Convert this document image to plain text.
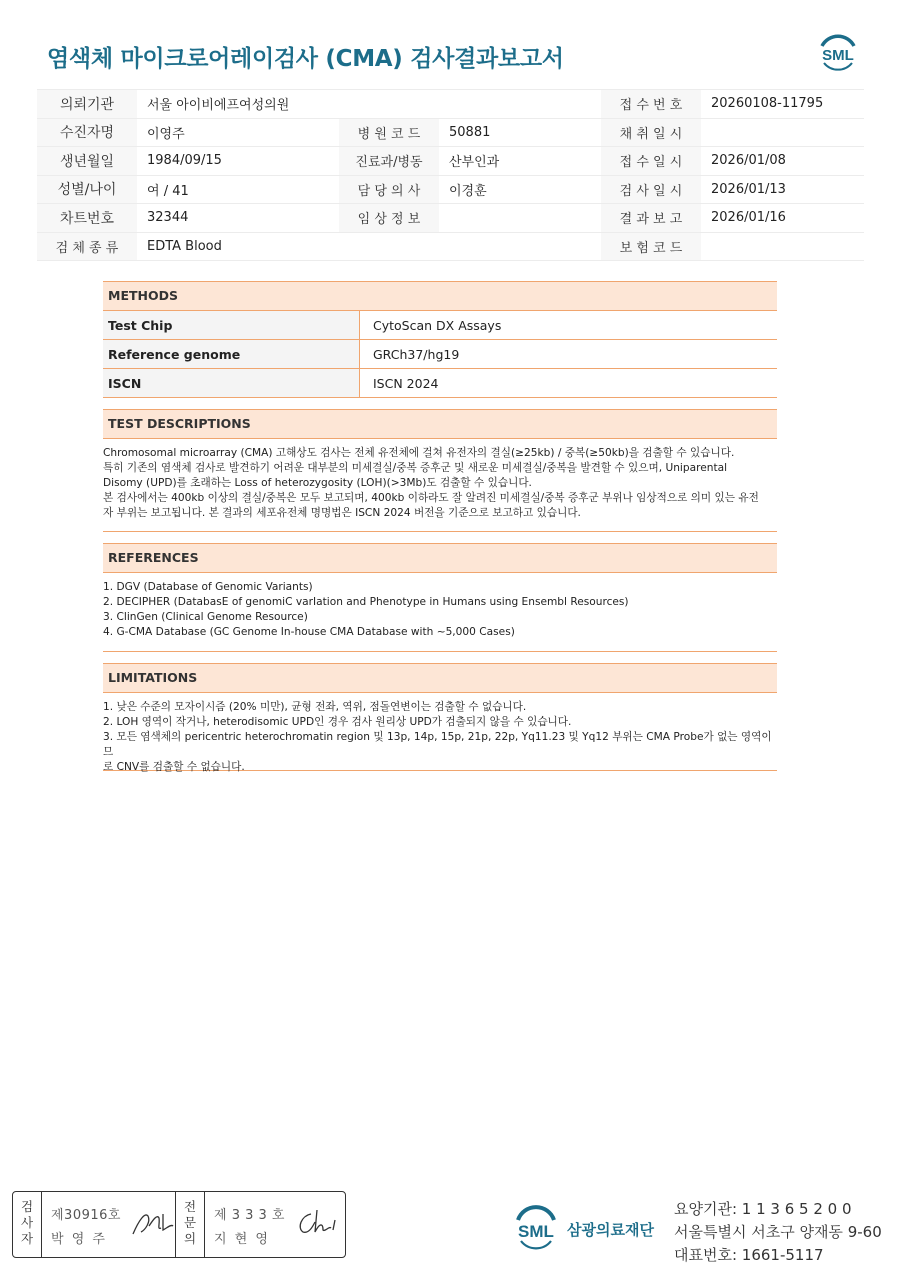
염색체 마이크로어레이검사 (CMA) 검사결과보고서	SML
의뢰기관	서울 아이비에프여성의원			접 수 번 호	20260108-11795
수진자명	이영주	병 원 코 드	50881	채 취 일 시	
생년월일	1984/09/15	진료과/병동	산부인과	접 수 일 시	2026/01/08
성별/나이	여 / 41	담 당 의 사	이경훈	검 사 일 시	2026/01/13
차트번호	32344	임 상 정 보		결 과 보 고	2026/01/16
검 체 종 류	EDTA Blood			보 험 코 드	
METHODS
Test Chip	CytoScan DX Assays
Reference genome	GRCh37/hg19
ISCN	ISCN 2024
TEST DESCRIPTIONS

Chromosomal microarray (CMA) 고해상도 검사는 전체 유전체에 걸쳐 유전자의 결실(≥25kb) / 중복(≥50kb)을 검출할 수 있습니다.

특히 기존의 염색체 검사로 발견하기 어려운 대부분의 미세결실/중복 증후군 및 새로운 미세결실/중복을 발견할 수 있으며, Uniparental

Disomy (UPD)를 초래하는 Loss of heterozygosity (LOH)(>3Mb)도 검출할 수 있습니다.

본 검사에서는 400kb 이상의 결실/중복은 모두 보고되며, 400kb 이하라도 잘 알려진 미세결실/중복 증후군 부위나 임상적으로 의미 있는 유전

자 부위는 보고됩니다. 본 결과의 세포유전체 명명법은 ISCN 2024 버전을 기준으로 보고하고 있습니다.

REFERENCES

1. DGV (Database of Genomic Variants)

2. DECIPHER (DatabasE of genomiC varIation and Phenotype in Humans using Ensembl Resources)

3. ClinGen (Clinical Genome Resource)

4. G-CMA Database (GC Genome In-house CMA Database with ~5,000 Cases)

LIMITATIONS

1. 낮은 수준의 모자이시즘 (20% 미만), 균형 전좌, 역위, 점돌연변이는 검출할 수 없습니다.

2. LOH 영역이 작거나, heterodisomic UPD인 경우 검사 원리상 UPD가 검출되지 않을 수 있습니다.

3. 모든 염색체의 pericentric heterochromatin region 및 13p, 14p, 15p, 21p, 22p, Yq11.23 및 Yq12 부위는 CMA Probe가 없는 영역이므

로 CNV를 검출할 수 없습니다.

검
사
자
제30916호
박 영 주
전
문
의
제 3 3 3 호
지 현 영	SML 삼광의료재단
요양기관: 1 1 3 6 5 2 0 0
서울특별시 서초구 양재동 9-60
대표번호: 1661-5117
